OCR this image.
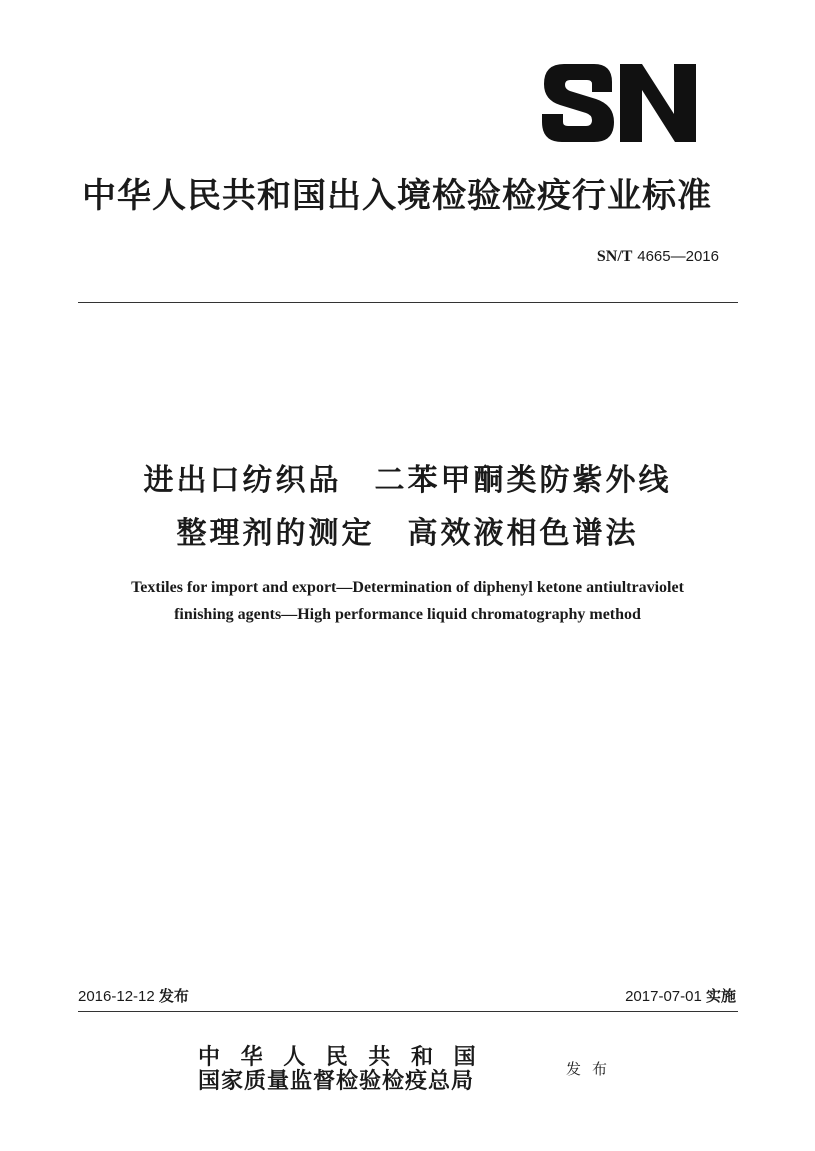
中华人民共和国出入境检验检疫行业标准
SN/T 4665—2016
进出口纺织品　二苯甲酮类防紫外线
整理剂的测定　高效液相色谱法
Textiles for import and export—Determination of diphenyl ketone antiultraviolet
finishing agents—High performance liquid chromatography method
2016-12-12 发布	2017-07-01 实施
中华人民共和国
国家质量监督检验检疫总局	发布
